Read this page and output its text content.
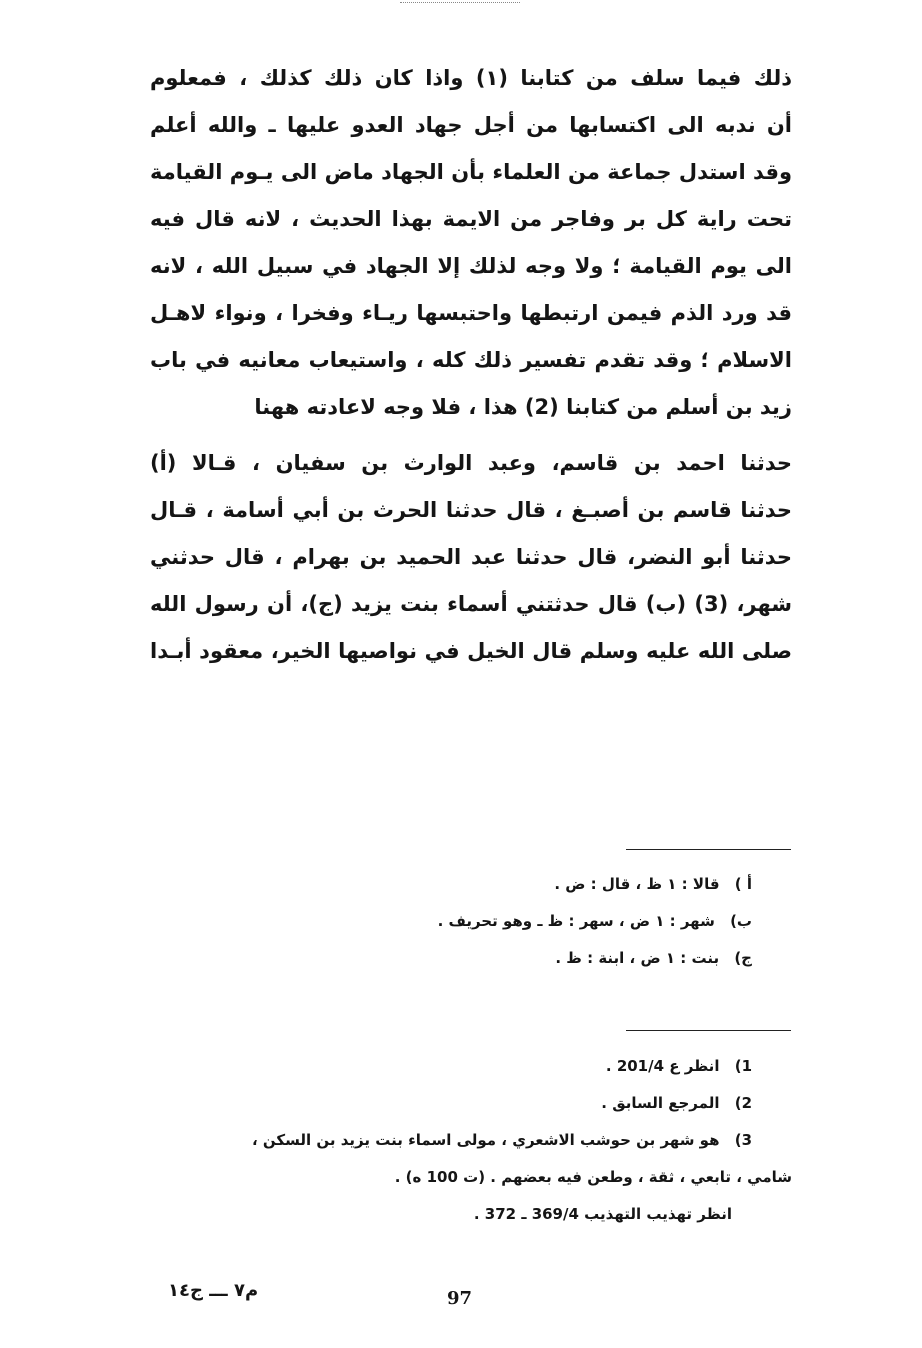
ذلك فيما سلف من كتابنا (١) واذا كان ذلك كذلك ، فمعلوم
أن ندبه الى اكتسابها من أجل جهاد العدو عليها ـ والله أعلم
وقد استدل جماعة من العلماء بأن الجهاد ماض الى يـوم القيامة
تحت راية كل بر وفاجر من الايمة بهذا الحديث ، لانه قال فيه
الى يوم القيامة ؛ ولا وجه لذلك إلا الجهاد في سبيل الله ، لانه
قد ورد الذم فيمن ارتبطها واحتبسها ريـاء وفخرا ، ونواء لاهـل
الاسلام ؛ وقد تقدم تفسير ذلك كله ، واستيعاب معانيه في باب
زيد بن أسلم من كتابنا (2) هذا ، فلا وجه لاعادته ههنا
حدثنا احمد بن قاسم، وعبد الوارث بن سفيان ، قـالا (أ)
حدثنا قاسم بن أصبـغ ، قال حدثنا الحرث بن أبي أسامة ، قـال
حدثنا أبو النضر، قال حدثنا عبد الحميد بن بهرام ، قال حدثني
شهر، (3) (ب) قال حدثتني أسماء بنت يزيد (ج)، أن رسول الله
صلى الله عليه وسلم قال الخيل في نواصيها الخير، معقود أبـدا
أ ) قالا : ١ ظ ، قال : ض .
ب) شهر : ١ ض ، سهر : ظ ـ وهو تحريف .
ج) بنت : ١ ض ، ابنة : ظ .
1) انظر ع 201/4 .
2) المرجع السابق .
3) هو شهر بن حوشب الاشعري ، مولى اسماء بنت يزيد بن السكن ،
شامي ، تابعي ، ثقة ، وطعن فيه بعضهم . (ت 100 ه) .
انظر تهذيب التهذيب 369/4 ـ 372 .
م٧ ـــ ج١٤	97
